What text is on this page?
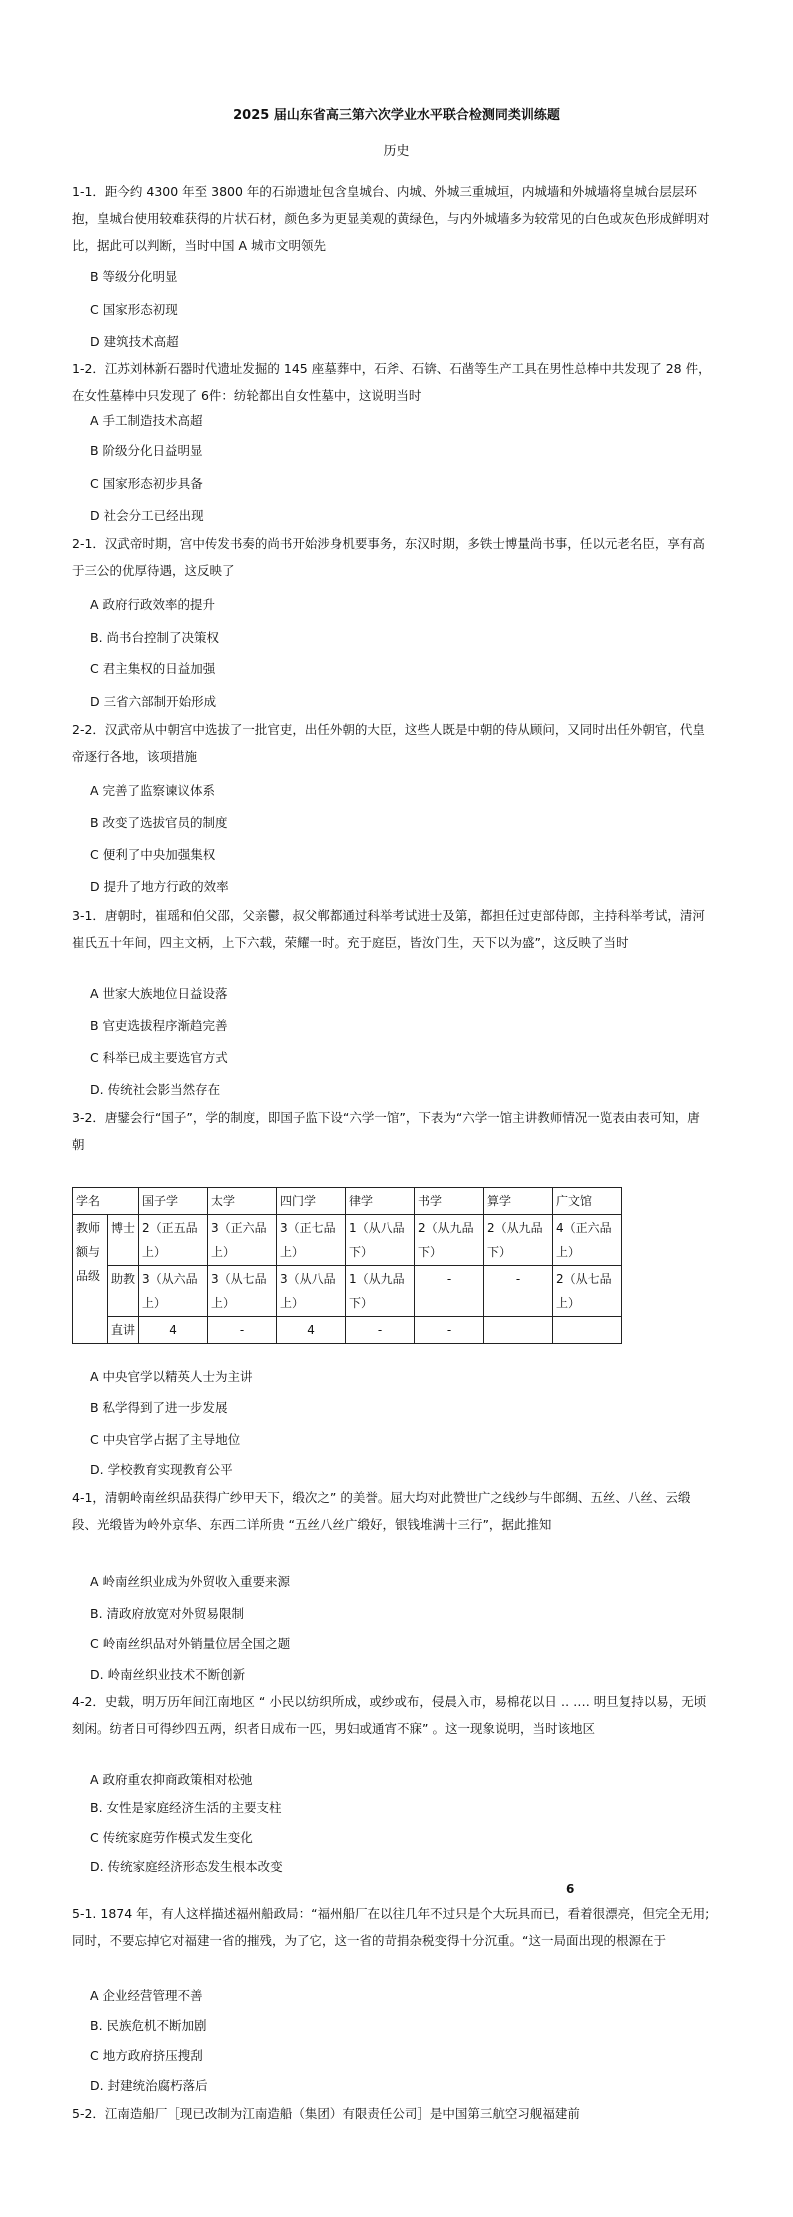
2025 届山东省高三第六次学业水平联合检测同类训练题
历史
1-1．距今约 4300 年至 3800 年的石峁遗址包含皇城台、内城、外城三重城垣，内城墙和外城墙将皇城台层层环抱，皇城台使用较难获得的片状石材，颜色多为更显美观的黄绿色，与内外城墙多为较常见的白色或灰色形成鲜明对比，据此可以判断，当时中国 A 城市文明领先
B 等级分化明显
C 国家形态初现
D 建筑技术高超
1-2．江苏刘林新石器时代遗址发掘的 145 座墓葬中，石斧、石锛、石凿等生产工具在男性总棒中共发现了 28 件，在女性墓棒中只发现了 6件：纺轮都出自女性墓中，这说明当时
A 手工制造技术高超
B 阶级分化日益明显
C 国家形态初步具备
D 社会分工已经出现
2-1．汉武帝时期，宫中传发书奏的尚书开始涉身机要事务，东汉时期，多铁士博量尚书事，任以元老名臣，享有高于三公的优厚待遇，这反映了
A 政府行政效率的提升
B. 尚书台控制了决策权
C 君主集权的日益加强
D 三省六部制开始形成
2-2．汉武帝从中朝宫中选拔了一批官吏，出任外朝的大臣，这些人既是中朝的侍从顾问，又同时出任外朝官，代皇帝逐行各地，该项措施
A 完善了监察谏议体系
B 改变了选拔官员的制度
C 便利了中央加强集权
D 提升了地方行政的效率
3-1．唐朝时，崔瑶和伯父邵，父亲鬱，叔父郸都通过科举考试进士及第，都担任过吏部侍郎，主持科举考试，清河崔氏五十年间，四主文柄，上下六载，荣耀一时。充于庭臣，皆汝门生，天下以为盛”，这反映了当时
A 世家大族地位日益设落
B 官吏选拔程序渐趋完善
C 科举已成主要选官方式
D. 传统社会影当然存在
3-2．唐鐾会行“国子”，学的制度，即国子监下设“六学一馆”，下表为“六学一馆主讲教师情况一览表由表可知，唐朝
学名		国子学	太学	四门学	律学	书学	算学	广文馆
教师额与品级	博士	2（正五品上）	3（正六品上）	3（正七品上）	1（从八品下）	2（从九品下）	2（从九品下）	4（正六品上）
	助教	3（从六品上）	3（从七品上）	3（从八品上）	1（从九品下）	-	-	2（从七品上）
	直讲	4	-	4	-	-		
A 中央官学以精英人士为主讲
B 私学得到了进一步发展
C 中央官学占据了主导地位
D. 学校教育实现教育公平
4-1，清朝岭南丝织品获得广纱甲天下，缎次之” 的美誉。屈大均对此赞世广之线纱与牛郎绸、五丝、八丝、云缎段、光缎皆为岭外京华、东西二详所贵 “五丝八丝广缎好，银钱堆满十三行”，据此推知
A 岭南丝织业成为外贸收入重要来源
B. 清政府放宽对外贸易限制
C 岭南丝织品对外销量位居全国之题
D. 岭南丝织业技术不断创新
4-2．史载，明万历年间江南地区 “ 小民以纺织所成，或纱或布，侵晨入市，易棉花以日 ‥ ‥‥ 明旦复持以易，无顷刻闲。纺者日可得纱四五两，织者日成布一匹，男妇或通宵不寐” 。这一现象说明，当时该地区
A 政府重农抑商政策相对松弛
B. 女性是家庭经济生活的主要支柱
C 传统家庭劳作模式发生变化
D. 传统家庭经济形态发生根本改变
6
5-1. 1874 年，有人这样描述福州船政局：“福州船厂在以往几年不过只是个大玩具而已，看着很漂亮，但完全无用; 同时，不要忘掉它对福建一省的摧残，为了它，这一省的苛捐杂税变得十分沉重。“这一局面出现的根源在于
A 企业经营管理不善
B. 民族危机不断加剧
C 地方政府挤压搜刮
D. 封建统治腐朽落后
5-2．江南造船厂［现已改制为江南造船（集团）有限责任公司］是中国第三航空习舰福建前
